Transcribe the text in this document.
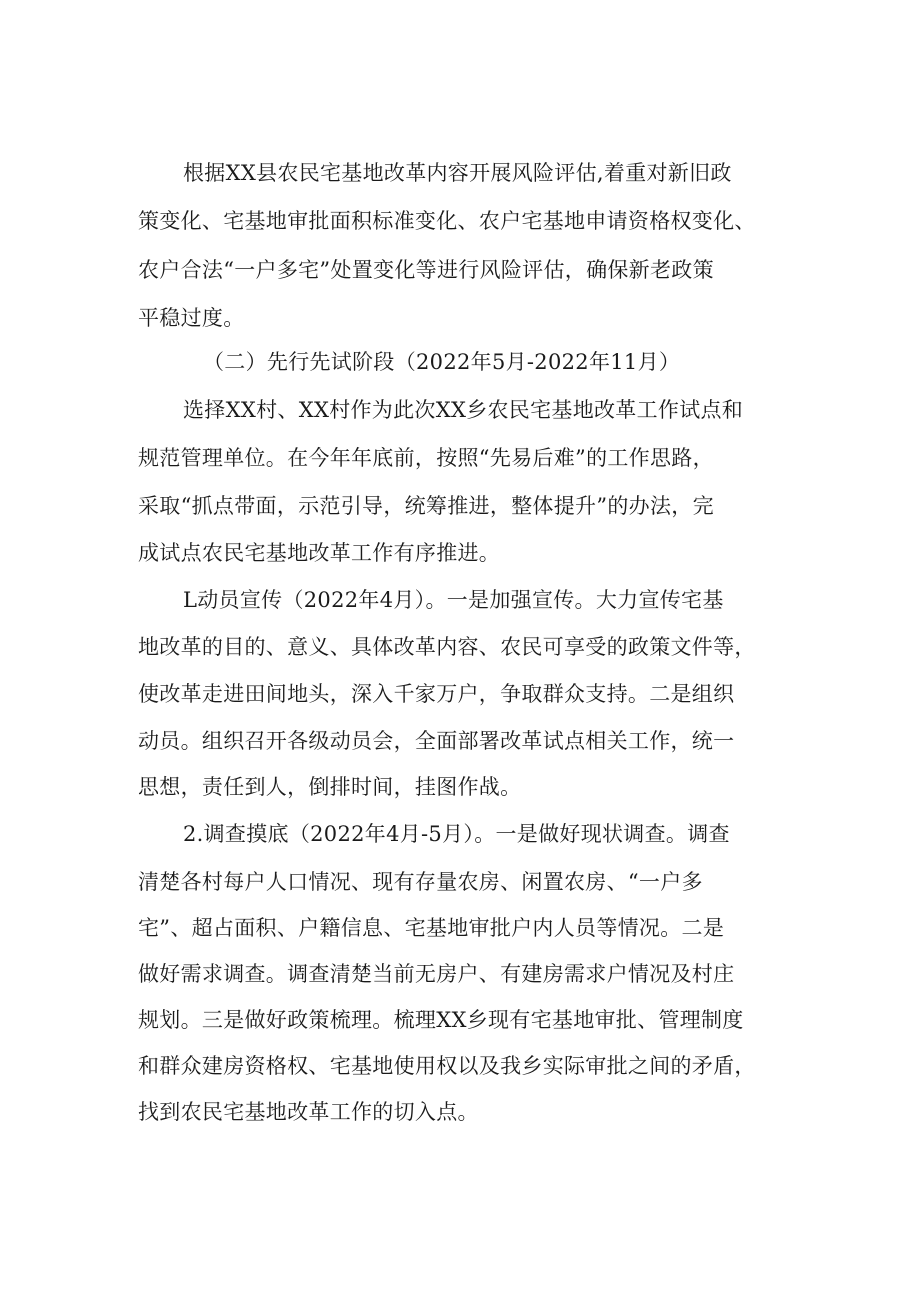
根据XX县农民宅基地改革内容开展风险评估,着重对新旧政
策变化、宅基地审批面积标准变化、农户宅基地申请资格权变化、
农户合法“一户多宅”处置变化等进行风险评估，确保新老政策
平稳过度。
（二）先行先试阶段（2022年5月-2022年11月）
选择XX村、XX村作为此次XX乡农民宅基地改革工作试点和
规范管理单位。在今年年底前，按照“先易后难”的工作思路，
采取“抓点带面，示范引导，统筹推进，整体提升”的办法，完
成试点农民宅基地改革工作有序推进。
L动员宣传（2022年4月）。一是加强宣传。大力宣传宅基
地改革的目的、意义、具体改革内容、农民可享受的政策文件等，
使改革走进田间地头，深入千家万户，争取群众支持。二是组织
动员。组织召开各级动员会，全面部署改革试点相关工作，统一
思想，责任到人，倒排时间，挂图作战。
2.调查摸底（2022年4月-5月）。一是做好现状调查。调查
清楚各村每户人口情况、现有存量农房、闲置农房、“一户多
宅”、超占面积、户籍信息、宅基地审批户内人员等情况。二是
做好需求调查。调查清楚当前无房户、有建房需求户情况及村庄
规划。三是做好政策梳理。梳理XX乡现有宅基地审批、管理制度
和群众建房资格权、宅基地使用权以及我乡实际审批之间的矛盾，
找到农民宅基地改革工作的切入点。
